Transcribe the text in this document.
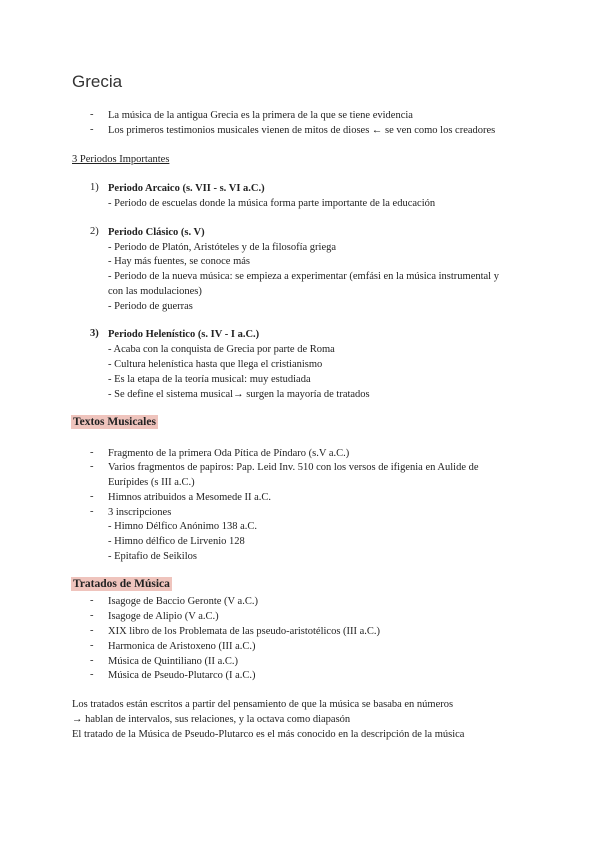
Grecia
- La música de la antigua Grecia es la primera de la que se tiene evidencia
- Los primeros testimonios musicales vienen de mitos de dioses ← se ven como los creadores
3 Periodos Importantes
1) Periodo Arcaico (s. VII - s. VI a.C.)
- Periodo de escuelas donde la música forma parte importante de la educación
2) Periodo Clásico (s. V)
- Periodo de Platón, Aristóteles y de la filosofía griega
- Hay más fuentes, se conoce más
- Periodo de la nueva música: se empieza a experimentar (emfási en la música instrumental y
con las modulaciones)
- Periodo de guerras
3) Periodo Helenístico (s. IV - I a.C.)
- Acaba con la conquista de Grecia por parte de Roma
- Cultura helenística hasta que llega el cristianismo
- Es la etapa de la teoría musical: muy estudiada
- Se define el sistema musical→ surgen la mayoría de tratados
Textos Musicales
- Fragmento de la primera Oda Pítica de Píndaro (s.V a.C.)
- Varios fragmentos de papiros: Pap. Leid Inv. 510 con los versos de ifigenia en Aulide de
Eurípides (s III a.C.)
- Himnos atribuidos a Mesomede II a.C.
- 3 inscripciones
- Himno Délfico Anónimo 138 a.C.
- Himno délfico de Lirvenio 128
- Epitafio de Seikilos
Tratados de Música
- Isagoge de Baccio Geronte (V a.C.)
- Isagoge de Alipio (V a.C.)
- XIX libro de los Problemata de las pseudo-aristotélicos (III a.C.)
- Harmonica de Aristoxeno (III a.C.)
- Música de Quintiliano (II a.C.)
- Música de Pseudo-Plutarco (I a.C.)
Los tratados están escritos a partir del pensamiento de que la música se basaba en números
→ hablan de intervalos, sus relaciones, y la octava como diapasón
El tratado de la Música de Pseudo-Plutarco es el más conocido en la descripción de la música
